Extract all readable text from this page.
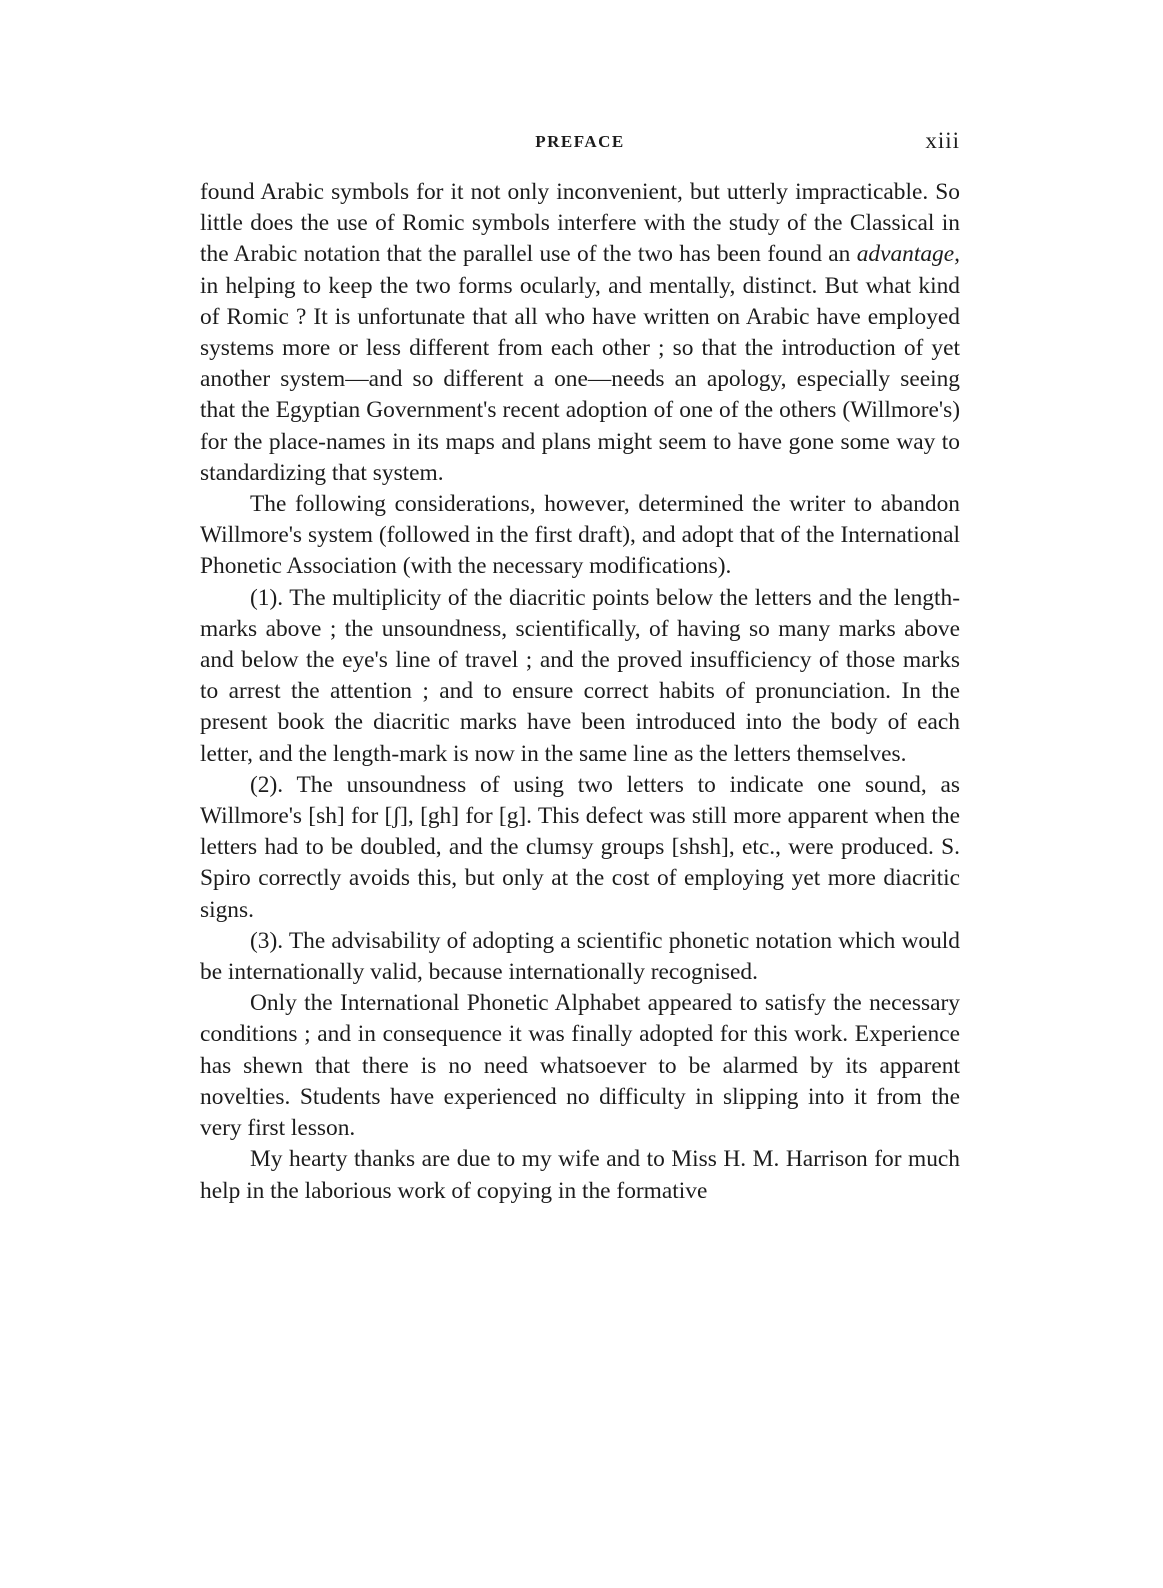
PREFACE	xiii

found Arabic symbols for it not only inconvenient, but utterly impracticable. So little does the use of Romic symbols interfere with the study of the Classical in the Arabic notation that the parallel use of the two has been found an advantage, in helping to keep the two forms ocularly, and mentally, distinct. But what kind of Romic ? It is unfortunate that all who have written on Arabic have employed systems more or less different from each other ; so that the introduction of yet another system—and so different a one—needs an apology, especially seeing that the Egyptian Government's recent adoption of one of the others (Willmore's) for the place-names in its maps and plans might seem to have gone some way to standardizing that system.

The following considerations, however, determined the writer to abandon Willmore's system (followed in the first draft), and adopt that of the International Phonetic Association (with the necessary modifications).

(1). The multiplicity of the diacritic points below the letters and the length-marks above ; the unsoundness, scientifically, of having so many marks above and below the eye's line of travel ; and the proved insufficiency of those marks to arrest the attention ; and to ensure correct habits of pronunciation. In the present book the diacritic marks have been introduced into the body of each letter, and the length-mark is now in the same line as the letters themselves.

(2). The unsoundness of using two letters to indicate one sound, as Willmore's [sh] for [ʃ], [gh] for [g]. This defect was still more apparent when the letters had to be doubled, and the clumsy groups [shsh], etc., were produced. S. Spiro correctly avoids this, but only at the cost of employing yet more diacritic signs.

(3). The advisability of adopting a scientific phonetic notation which would be internationally valid, because internationally recognised.

Only the International Phonetic Alphabet appeared to satisfy the necessary conditions ; and in consequence it was finally adopted for this work. Experience has shewn that there is no need whatsoever to be alarmed by its apparent novelties. Students have experienced no difficulty in slipping into it from the very first lesson.

My hearty thanks are due to my wife and to Miss H. M. Harrison for much help in the laborious work of copying in the formative
